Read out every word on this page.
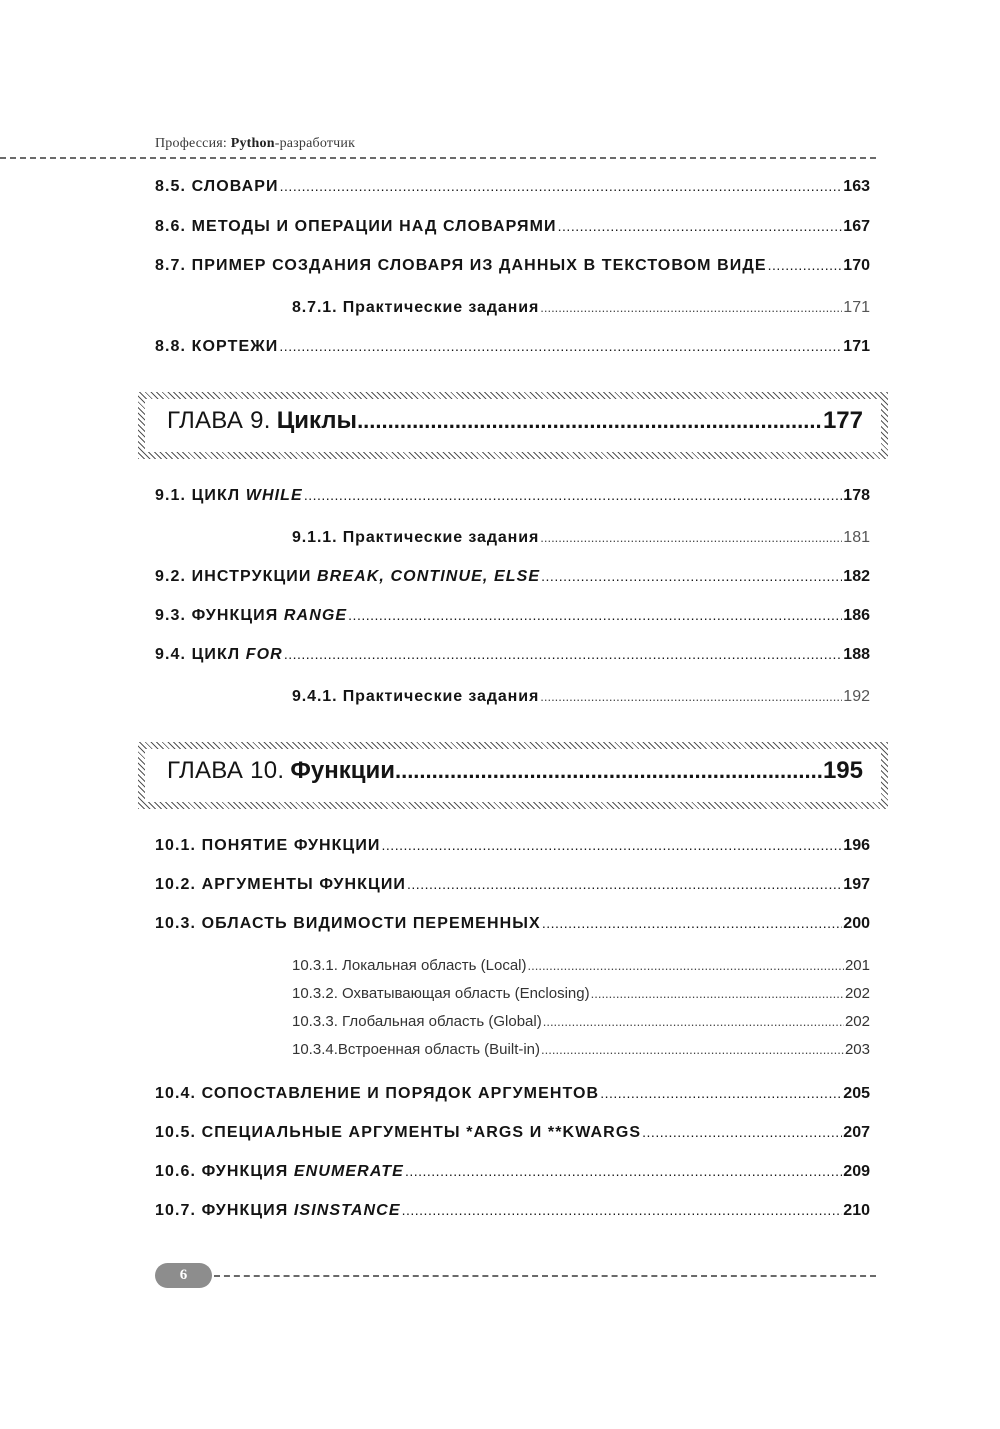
Профессия: Python-разработчик
8.5. СЛОВАРИ .....	163
8.6. МЕТОДЫ И ОПЕРАЦИИ НАД СЛОВАРЯМИ .....	167
8.7. ПРИМЕР СОЗДАНИЯ СЛОВАРЯ ИЗ ДАННЫХ В ТЕКСТОВОМ ВИДЕ .....	170
8.7.1. Практические задания .....	171
8.8. КОРТЕЖИ .....	171
ГЛАВА 9. Циклы .....	177
9.1. ЦИКЛ WHILE .....	178
9.1.1. Практические задания .....	181
9.2. ИНСТРУКЦИИ BREAK, CONTINUE, ELSE .....	182
9.3. ФУНКЦИЯ RANGE .....	186
9.4. ЦИКЛ FOR .....	188
9.4.1. Практические задания .....	192
ГЛАВА 10. Функции .....	195
10.1. ПОНЯТИЕ ФУНКЦИИ .....	196
10.2. АРГУМЕНТЫ ФУНКЦИИ .....	197
10.3. ОБЛАСТЬ ВИДИМОСТИ ПЕРЕМЕННЫХ .....	200
10.3.1. Локальная область (Local) .....	201
10.3.2. Охватывающая область (Enclosing) .....	202
10.3.3. Глобальная область (Global) .....	202
10.3.4.Встроенная область (Built-in) .....	203
10.4. СОПОСТАВЛЕНИЕ И ПОРЯДОК АРГУМЕНТОВ .....	205
10.5. СПЕЦИАЛЬНЫЕ АРГУМЕНТЫ *ARGS И **KWARGS .....	207
10.6. ФУНКЦИЯ ENUMERATE .....	209
10.7. ФУНКЦИЯ ISINSTANCE .....	210
6
